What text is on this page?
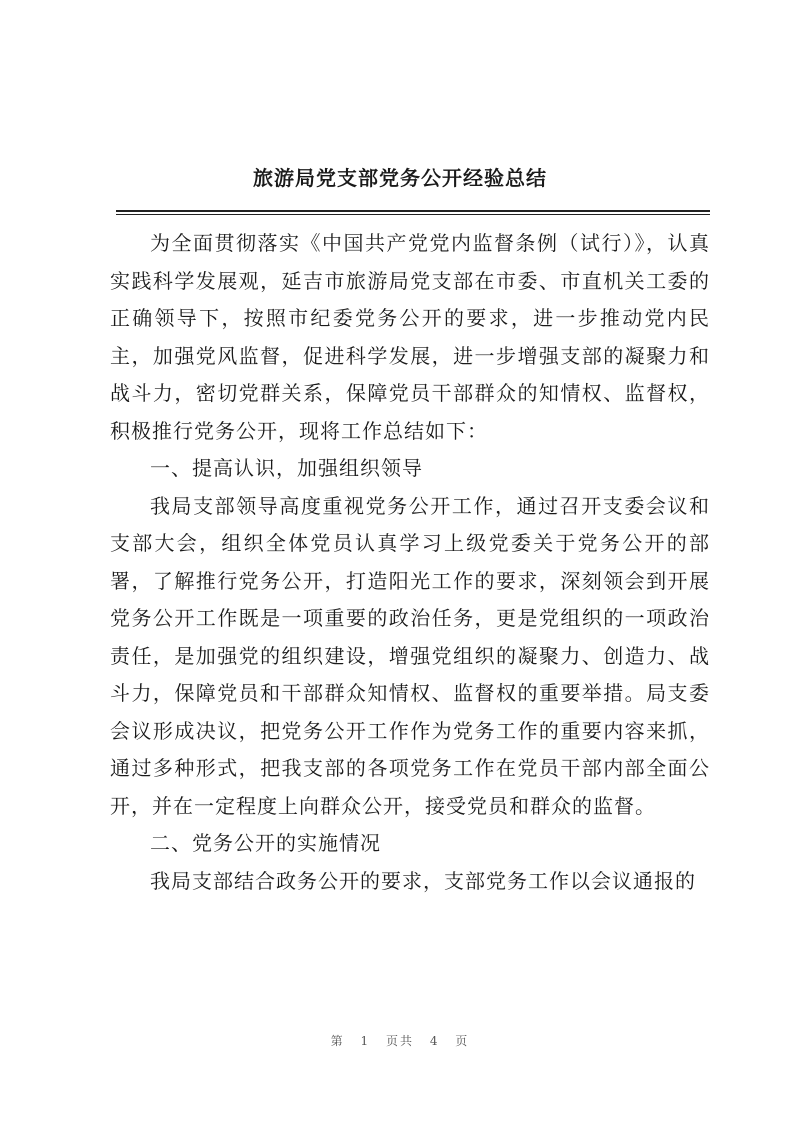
旅游局党支部党务公开经验总结

为全面贯彻落实《中国共产党党内监督条例（试行）》，认真实践科学发展观，延吉市旅游局党支部在市委、市直机关工委的正确领导下，按照市纪委党务公开的要求，进一步推动党内民主，加强党风监督，促进科学发展，进一步增强支部的凝聚力和战斗力，密切党群关系，保障党员干部群众的知情权、监督权，积极推行党务公开，现将工作总结如下：

一、提高认识，加强组织领导

我局支部领导高度重视党务公开工作，通过召开支委会议和支部大会，组织全体党员认真学习上级党委关于党务公开的部署，了解推行党务公开，打造阳光工作的要求，深刻领会到开展党务公开工作既是一项重要的政治任务，更是党组织的一项政治责任，是加强党的组织建设，增强党组织的凝聚力、创造力、战斗力，保障党员和干部群众知情权、监督权的重要举措。局支委会议形成决议，把党务公开工作作为党务工作的重要内容来抓，通过多种形式，把我支部的各项党务工作在党员干部内部全面公开，并在一定程度上向群众公开，接受党员和群众的监督。

二、党务公开的实施情况

我局支部结合政务公开的要求，支部党务工作以会议通报的

第 1 页共 4 页
